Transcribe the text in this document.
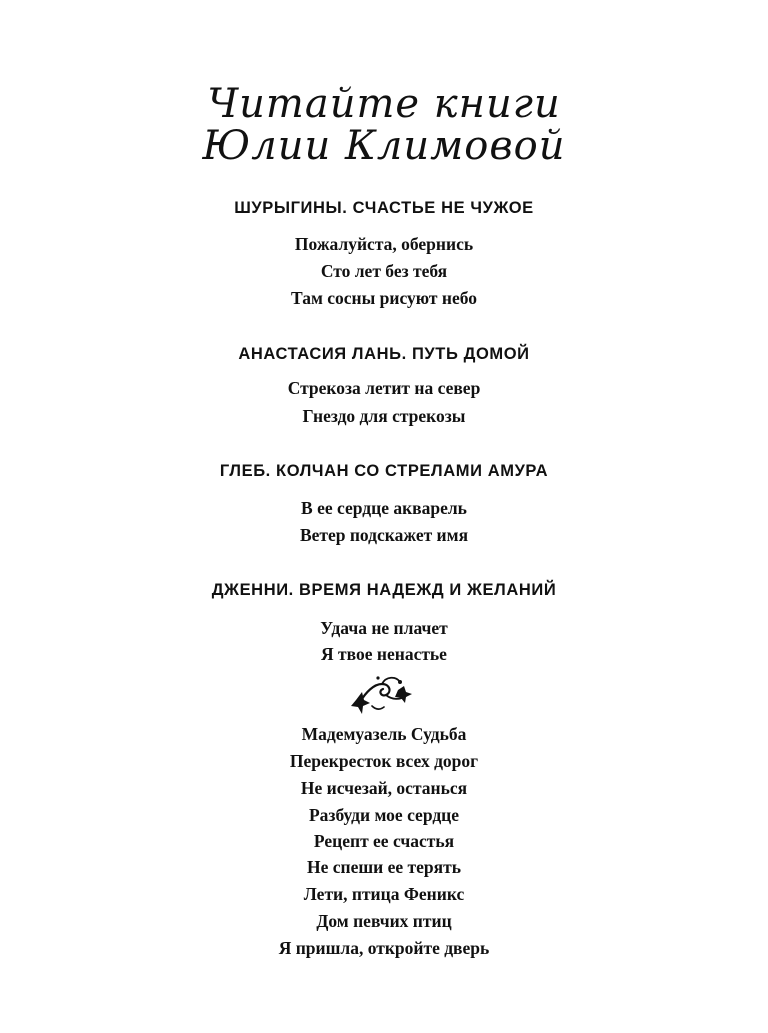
Читайте книги
Юлии Климовой
ШУРЫГИНЫ. СЧАСТЬЕ НЕ ЧУЖОЕ
Пожалуйста, обернись
Сто лет без тебя
Там сосны рисуют небо
АНАСТАСИЯ ЛАНЬ. ПУТЬ ДОМОЙ
Стрекоза летит на север
Гнездо для стрекозы
ГЛЕБ. КОЛЧАН СО СТРЕЛАМИ АМУРА
В ее сердце акварель
Ветер подскажет имя
ДЖЕННИ. ВРЕМЯ НАДЕЖД И ЖЕЛАНИЙ
Удача не плачет
Я твое ненастье
Мадемуазель Судьба
Перекресток всех дорог
Не исчезай, останься
Разбуди мое сердце
Рецепт ее счастья
Не спеши ее терять
Лети, птица Феникс
Дом певчих птиц
Я пришла, откройте дверь
